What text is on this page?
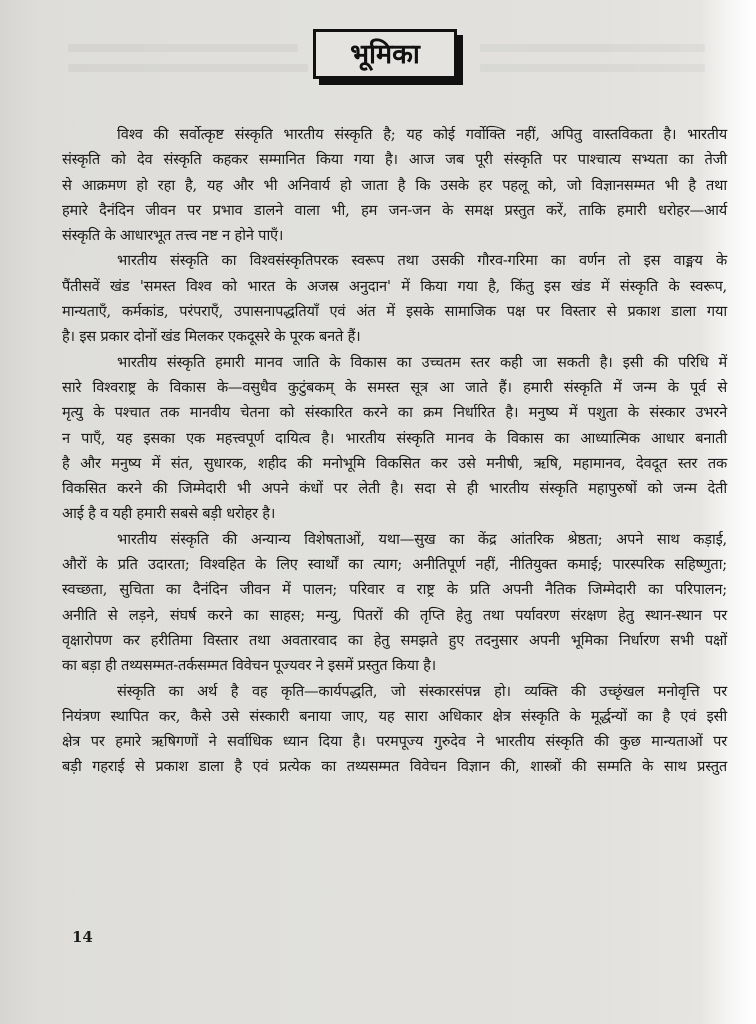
भूमिका
विश्व की सर्वोत्कृष्ट संस्कृति भारतीय संस्कृति है; यह कोई गर्वोक्ति नहीं, अपितु वास्तविकता है। भारतीय
संस्कृति को देव संस्कृति कहकर सम्मानित किया गया है। आज जब पूरी संस्कृति पर पाश्चात्य सभ्यता का तेजी
से आक्रमण हो रहा है, यह और भी अनिवार्य हो जाता है कि उसके हर पहलू को, जो विज्ञानसम्मत भी है तथा
हमारे दैनंदिन जीवन पर प्रभाव डालने वाला भी, हम जन-जन के समक्ष प्रस्तुत करें, ताकि हमारी धरोहर—आर्य
संस्कृति के आधारभूत तत्त्व नष्ट न होने पाएँ।
भारतीय संस्कृति का विश्वसंस्कृतिपरक स्वरूप तथा उसकी गौरव-गरिमा का वर्णन तो इस वाङ्मय के
पैंतीसवें खंड 'समस्त विश्व को भारत के अजस्र अनुदान' में किया गया है, किंतु इस खंड में संस्कृति के स्वरूप,
मान्यताएँ, कर्मकांड, परंपराएँ, उपासनापद्धतियाँ एवं अंत में इसके सामाजिक पक्ष पर विस्तार से प्रकाश डाला गया
है। इस प्रकार दोनों खंड मिलकर एकदूसरे के पूरक बनते हैं।
भारतीय संस्कृति हमारी मानव जाति के विकास का उच्चतम स्तर कही जा सकती है। इसी की परिधि में
सारे विश्वराष्ट्र के विकास के—वसुधैव कुटुंबकम् के समस्त सूत्र आ जाते हैं। हमारी संस्कृति में जन्म के पूर्व से
मृत्यु के पश्चात तक मानवीय चेतना को संस्कारित करने का क्रम निर्धारित है। मनुष्य में पशुता के संस्कार उभरने
न पाएँ, यह इसका एक महत्त्वपूर्ण दायित्व है। भारतीय संस्कृति मानव के विकास का आध्यात्मिक आधार बनाती
है और मनुष्य में संत, सुधारक, शहीद की मनोभूमि विकसित कर उसे मनीषी, ऋषि, महामानव, देवदूत स्तर तक
विकसित करने की जिम्मेदारी भी अपने कंधों पर लेती है। सदा से ही भारतीय संस्कृति महापुरुषों को जन्म देती
आई है व यही हमारी सबसे बड़ी धरोहर है।
भारतीय संस्कृति की अन्यान्य विशेषताओं, यथा—सुख का केंद्र आंतरिक श्रेष्ठता; अपने साथ कड़ाई,
औरों के प्रति उदारता; विश्वहित के लिए स्वार्थों का त्याग; अनीतिपूर्ण नहीं, नीतियुक्त कमाई; पारस्परिक सहिष्णुता;
स्वच्छता, सुचिता का दैनंदिन जीवन में पालन; परिवार व राष्ट्र के प्रति अपनी नैतिक जिम्मेदारी का परिपालन;
अनीति से लड़ने, संघर्ष करने का साहस; मन्यु, पितरों की तृप्ति हेतु तथा पर्यावरण संरक्षण हेतु स्थान-स्थान पर
वृक्षारोपण कर हरीतिमा विस्तार तथा अवतारवाद का हेतु समझते हुए तदनुसार अपनी भूमिका निर्धारण सभी पक्षों
का बड़ा ही तथ्यसम्मत-तर्कसम्मत विवेचन पूज्यवर ने इसमें प्रस्तुत किया है।
संस्कृति का अर्थ है वह कृति—कार्यपद्धति, जो संस्कारसंपन्न हो। व्यक्ति की उच्छृंखल मनोवृत्ति पर
नियंत्रण स्थापित कर, कैसे उसे संस्कारी बनाया जाए, यह सारा अधिकार क्षेत्र संस्कृति के मूर्द्धन्यों का है एवं इसी
क्षेत्र पर हमारे ऋषिगणों ने सर्वाधिक ध्यान दिया है। परमपूज्य गुरुदेव ने भारतीय संस्कृति की कुछ मान्यताओं पर
बड़ी गहराई से प्रकाश डाला है एवं प्रत्येक का तथ्यसम्मत विवेचन विज्ञान की, शास्त्रों की सम्मति के साथ प्रस्तुत
14
